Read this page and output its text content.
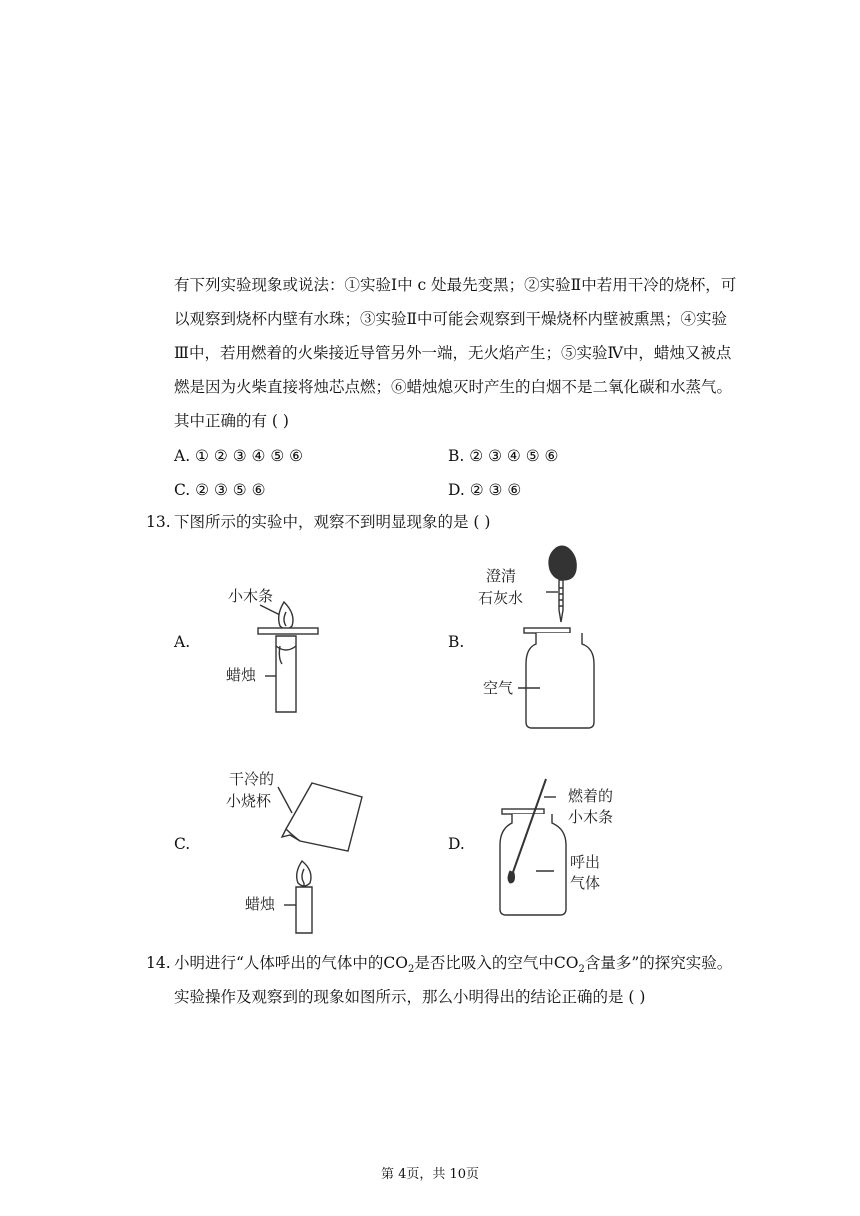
有下列实验现象或说法：①实验Ⅰ中 c 处最先变黑；②实验Ⅱ中若用干冷的烧杯，可
以观察到烧杯内壁有水珠；③实验Ⅱ中可能会观察到干燥烧杯内壁被熏黑；④实验
Ⅲ中，若用燃着的火柴接近导管另外一端，无火焰产生；⑤实验Ⅳ中，蜡烛又被点
燃是因为火柴直接将烛芯点燃；⑥蜡烛熄灭时产生的白烟不是二氧化碳和水蒸气。
其中正确的有 ( )
A. ① ② ③ ④ ⑤ ⑥	B. ② ③ ④ ⑤ ⑥
C. ② ③ ⑤ ⑥	D. ② ③ ⑥
13. 下图所示的实验中，观察不到明显现象的是 ( )
A.	B.
C.	D.
小木条
蜡烛
澄清
石灰水
空气
干冷的
小烧杯
蜡烛
燃着的
小木条
呼出
气体
14. 小明进行“人体呼出的气体中的$CO_2$是否比吸入的空气中$CO_2$含量多”的探究实验。
实验操作及观察到的现象如图所示，那么小明得出的结论正确的是 ( )
第 4页，共 10页
